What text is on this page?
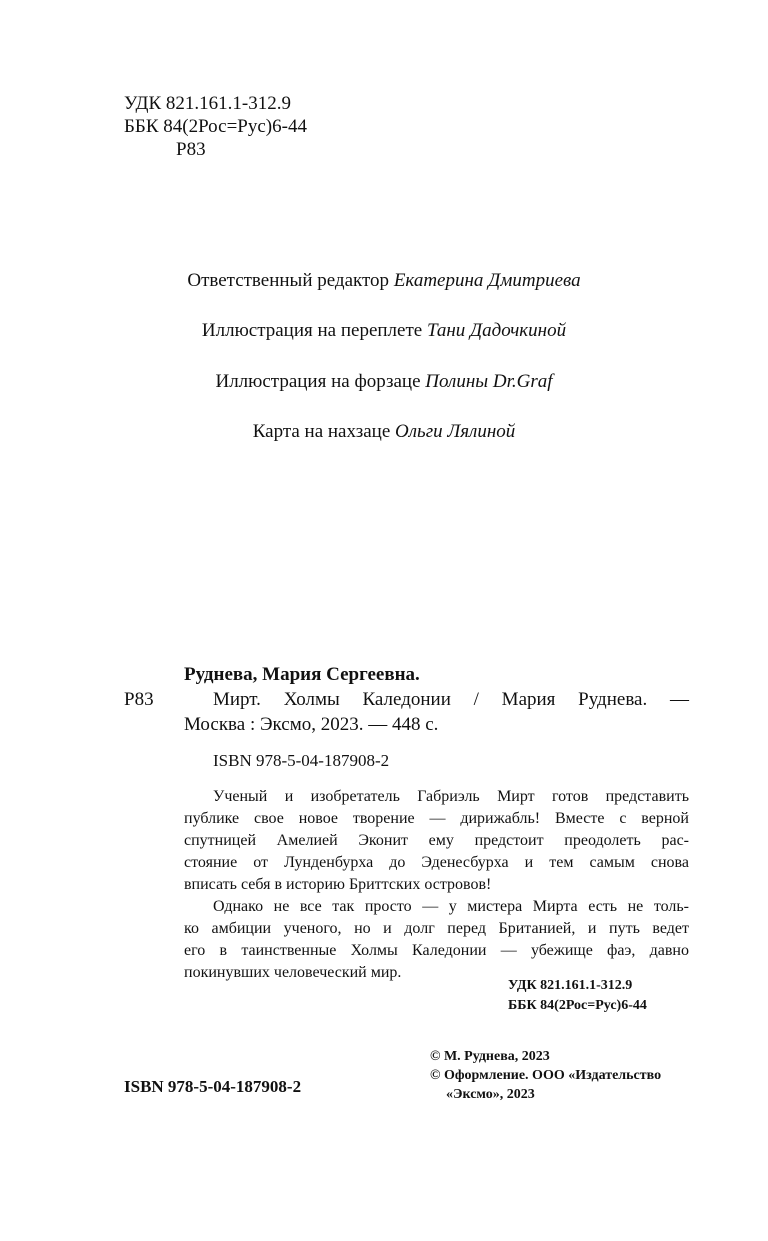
УДК 821.161.1-312.9
ББК 84(2Рос=Рус)6-44
Р83
Ответственный редактор Екатерина Дмитриева
Иллюстрация на переплете Тани Дадочкиной
Иллюстрация на форзаце Полины Dr.Graf
Карта на нахзаце Ольги Лялиной
Руднева, Мария Сергеевна.
Р83	Мирт. Холмы Каледонии / Мария Руднева. —
Москва : Эксмо, 2023. — 448 с.
ISBN 978-5-04-187908-2
Ученый и изобретатель Габриэль Мирт готов представить
публике свое новое творение — дирижабль! Вместе с верной
спутницей Амелией Эконит ему предстоит преодолеть рас-
стояние от Лунденбурха до Эденесбурха и тем самым снова
вписать себя в историю Бриттских островов!
Однако не все так просто — у мистера Мирта есть не толь-
ко амбиции ученого, но и долг перед Британией, и путь ведет
его в таинственные Холмы Каледонии — убежище фаэ, давно
покинувших человеческий мир.
УДК 821.161.1-312.9
ББК 84(2Рос=Рус)6-44
© М. Руднева, 2023
© Оформление. ООО «Издательство
«Эксмо», 2023
ISBN 978-5-04-187908-2
